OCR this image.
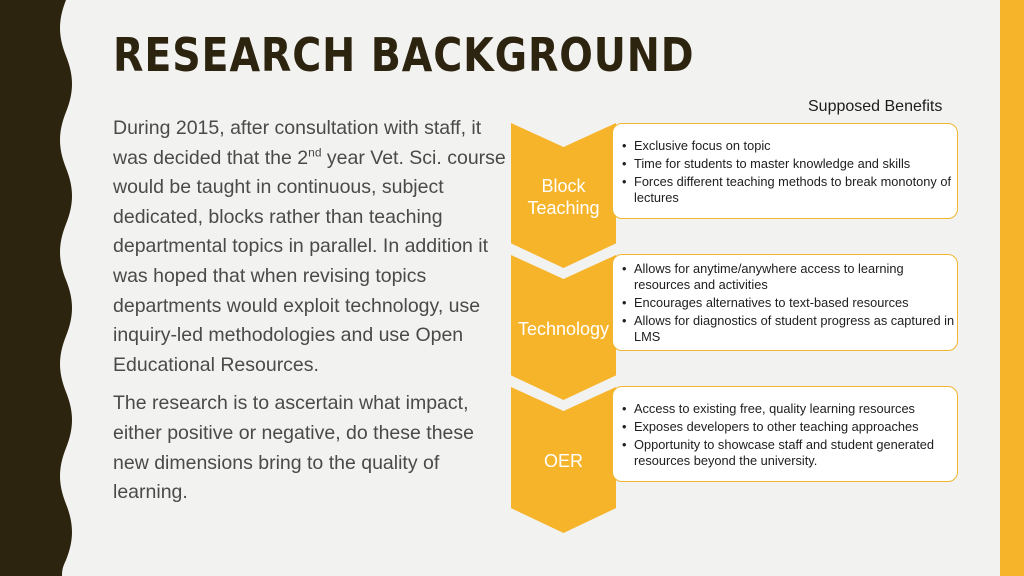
RESEARCH BACKGROUND

During 2015, after consultation with staff, it was decided that the 2nd year Vet. Sci. course would be taught in continuous, subject dedicated, blocks rather than teaching departmental topics in parallel. In addition it was hoped that when revising topics departments would exploit technology, use inquiry-led methodologies and use Open Educational Resources.

The research is to ascertain what impact, either positive or negative, do these these new dimensions bring to the quality of learning.

Supposed Benefits
Block
Teaching
• Exclusive focus on topic
• Time for students to master knowledge and skills
• Forces different teaching methods to break monotony of lectures
Technology
• Allows for anytime/anywhere access to learning resources and activities
• Encourages alternatives to text-based resources
• Allows for diagnostics of student progress as captured in LMS
OER
• Access to existing free, quality learning resources
• Exposes developers to other teaching approaches
• Opportunity to showcase staff and student generated resources beyond the university.
